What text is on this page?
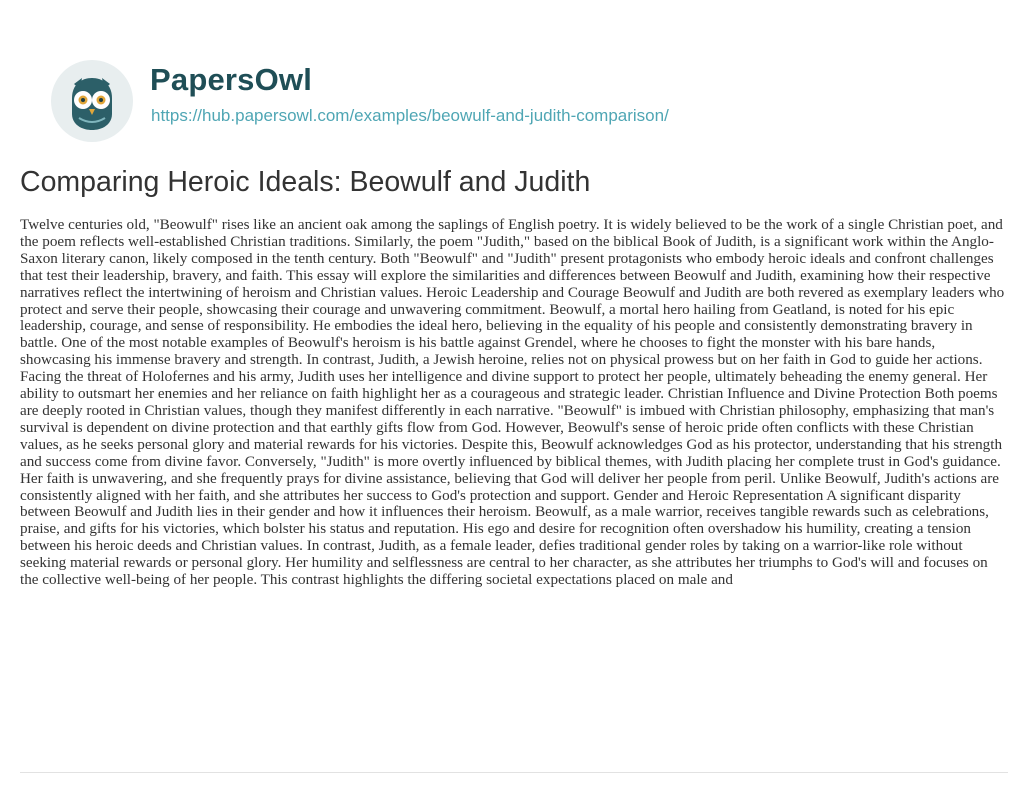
PapersOwl
https://hub.papersowl.com/examples/beowulf-and-judith-comparison/
Comparing Heroic Ideals: Beowulf and Judith

Twelve centuries old, "Beowulf" rises like an ancient oak among the saplings of English poetry. It is widely believed to be the work of a single Christian poet, and the poem reflects well-established Christian traditions. Similarly, the poem "Judith," based on the biblical Book of Judith, is a significant work within the Anglo-Saxon literary canon, likely composed in the tenth century. Both "Beowulf" and "Judith" present protagonists who embody heroic ideals and confront challenges that test their leadership, bravery, and faith. This essay will explore the similarities and differences between Beowulf and Judith, examining how their respective narratives reflect the intertwining of heroism and Christian values. Heroic Leadership and Courage Beowulf and Judith are both revered as exemplary leaders who protect and serve their people, showcasing their courage and unwavering commitment. Beowulf, a mortal hero hailing from Geatland, is noted for his epic leadership, courage, and sense of responsibility. He embodies the ideal hero, believing in the equality of his people and consistently demonstrating bravery in battle. One of the most notable examples of Beowulf's heroism is his battle against Grendel, where he chooses to fight the monster with his bare hands, showcasing his immense bravery and strength. In contrast, Judith, a Jewish heroine, relies not on physical prowess but on her faith in God to guide her actions. Facing the threat of Holofernes and his army, Judith uses her intelligence and divine support to protect her people, ultimately beheading the enemy general. Her ability to outsmart her enemies and her reliance on faith highlight her as a courageous and strategic leader. Christian Influence and Divine Protection Both poems are deeply rooted in Christian values, though they manifest differently in each narrative. "Beowulf" is imbued with Christian philosophy, emphasizing that man's survival is dependent on divine protection and that earthly gifts flow from God. However, Beowulf's sense of heroic pride often conflicts with these Christian values, as he seeks personal glory and material rewards for his victories. Despite this, Beowulf acknowledges God as his protector, understanding that his strength and success come from divine favor. Conversely, "Judith" is more overtly influenced by biblical themes, with Judith placing her complete trust in God's guidance. Her faith is unwavering, and she frequently prays for divine assistance, believing that God will deliver her people from peril. Unlike Beowulf, Judith's actions are consistently aligned with her faith, and she attributes her success to God's protection and support. Gender and Heroic Representation A significant disparity between Beowulf and Judith lies in their gender and how it influences their heroism. Beowulf, as a male warrior, receives tangible rewards such as celebrations, praise, and gifts for his victories, which bolster his status and reputation. His ego and desire for recognition often overshadow his humility, creating a tension between his heroic deeds and Christian values. In contrast, Judith, as a female leader, defies traditional gender roles by taking on a warrior-like role without seeking material rewards or personal glory. Her humility and selflessness are central to her character, as she attributes her triumphs to God's will and focuses on the collective well-being of her people. This contrast highlights the differing societal expectations placed on male and
